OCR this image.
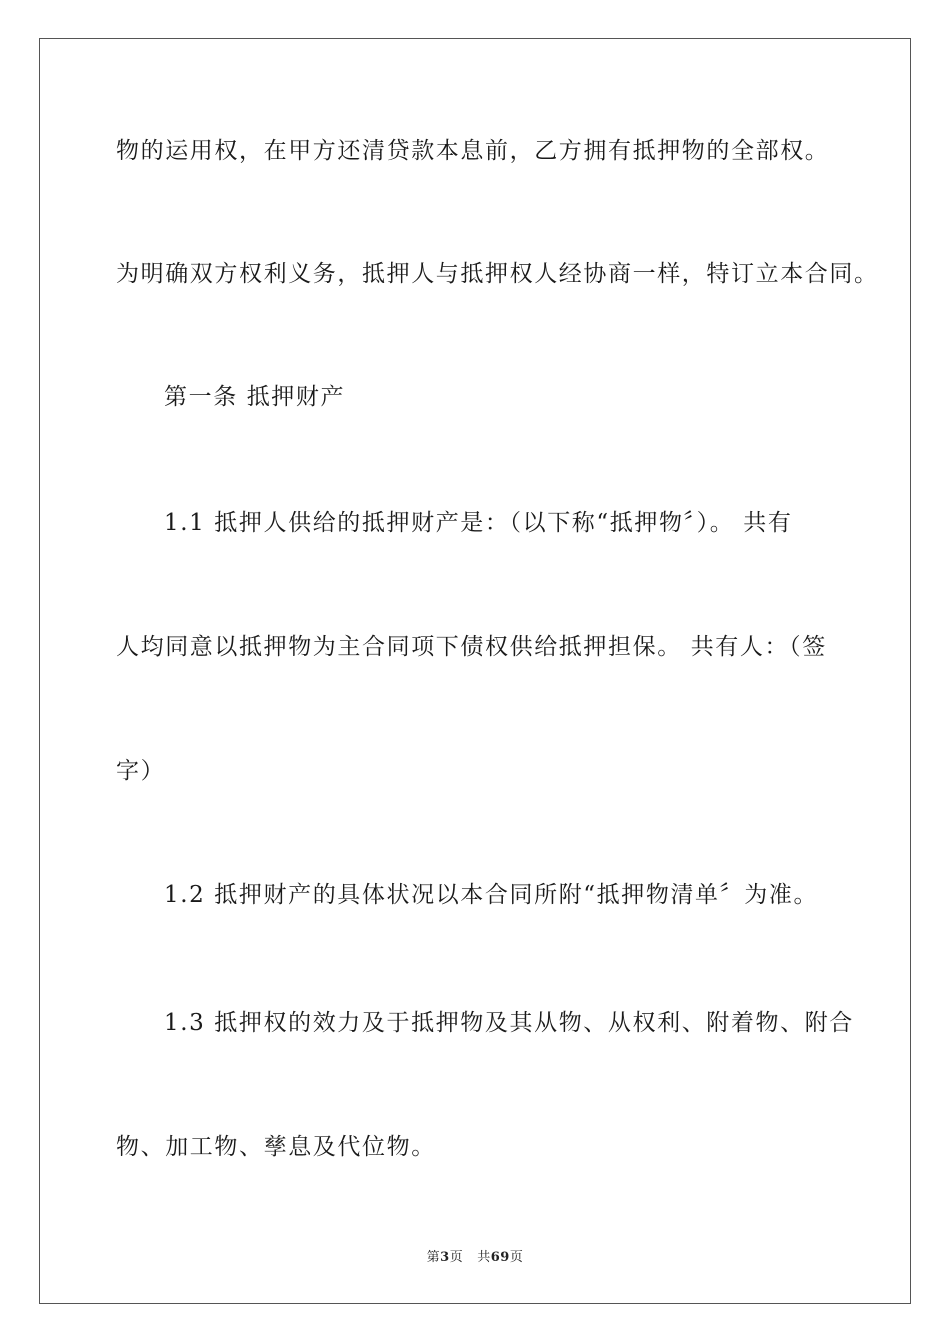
物的运用权，在甲方还清贷款本息前，乙方拥有抵押物的全部权。
为明确双方权利义务，抵押人与抵押权人经协商一样，特订立本合同。
第一条 抵押财产
1.1 抵押人供给的抵押财产是：（以下称“抵押物〞）。 共有
人均同意以抵押物为主合同项下债权供给抵押担保。 共有人：（签
字）
1.2 抵押财产的具体状况以本合同所附“抵押物清单〞为准。
1.3 抵押权的效力及于抵押物及其从物、从权利、附着物、附合
物、加工物、孳息及代位物。
第3页 共69页
